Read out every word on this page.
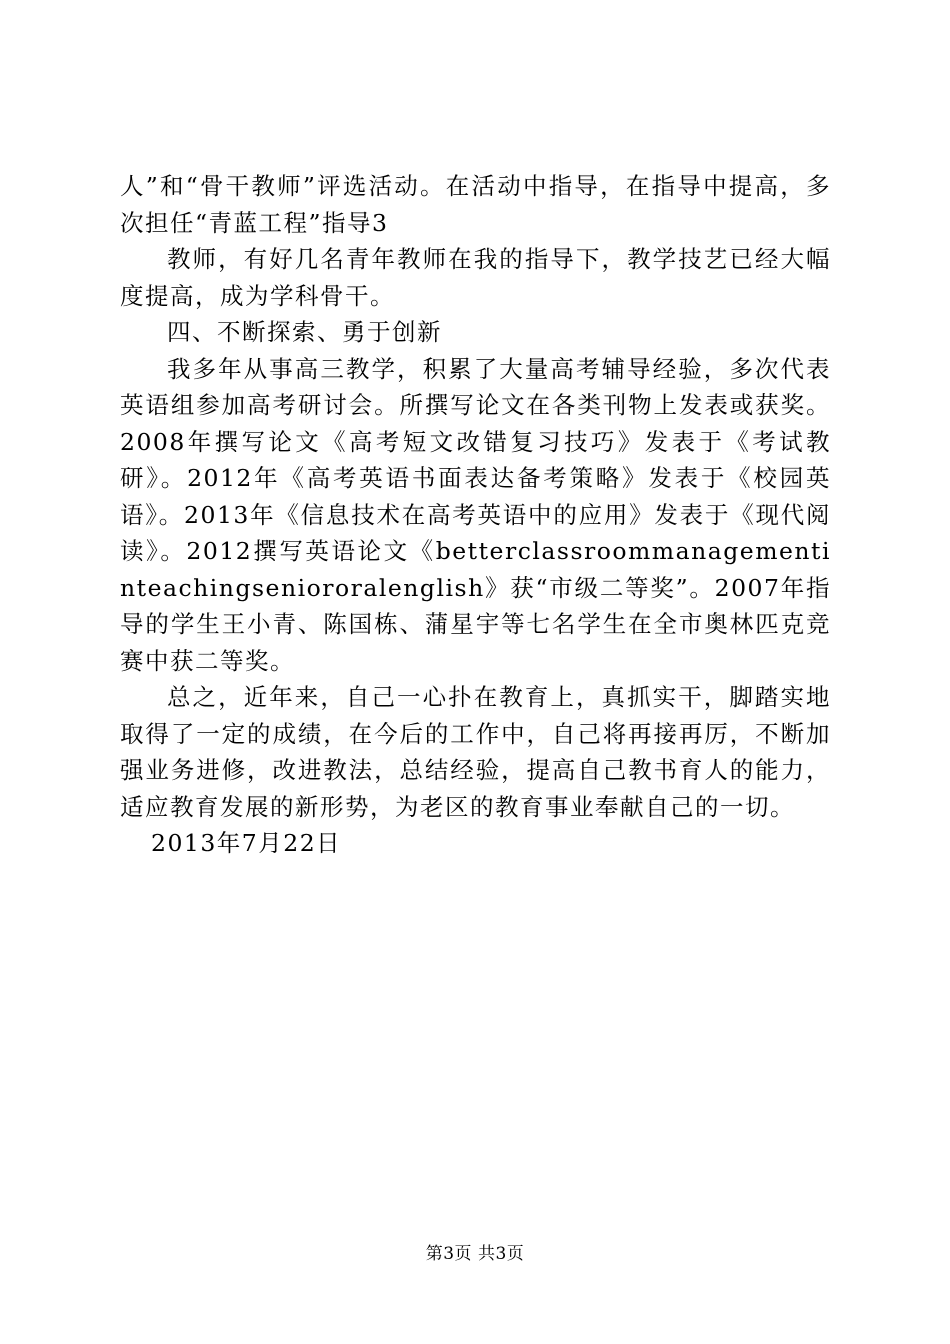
人”和“骨干教师”评选活动。在活动中指导，在指导中提高，多次担任“青蓝工程”指导3

教师，有好几名青年教师在我的指导下，教学技艺已经大幅度提高，成为学科骨干。

四、不断探索、勇于创新

我多年从事高三教学，积累了大量高考辅导经验，多次代表英语组参加高考研讨会。所撰写论文在各类刊物上发表或获奖。2008年撰写论文《高考短文改错复习技巧》发表于《考试教研》。2012年《高考英语书面表达备考策略》发表于《校园英语》。2013年《信息技术在高考英语中的应用》发表于《现代阅读》。2012撰写英语论文《betterclassroommanagementinteachingseniororalenglish》获“市级二等奖”。2007年指导的学生王小青、陈国栋、蒲星宇等七名学生在全市奥林匹克竞赛中获二等奖。

总之，近年来，自己一心扑在教育上，真抓实干，脚踏实地取得了一定的成绩，在今后的工作中，自己将再接再厉，不断加强业务进修，改进教法，总结经验，提高自己教书育人的能力，适应教育发展的新形势，为老区的教育事业奉献自己的一切。

2013年7月22日

第3页 共3页
